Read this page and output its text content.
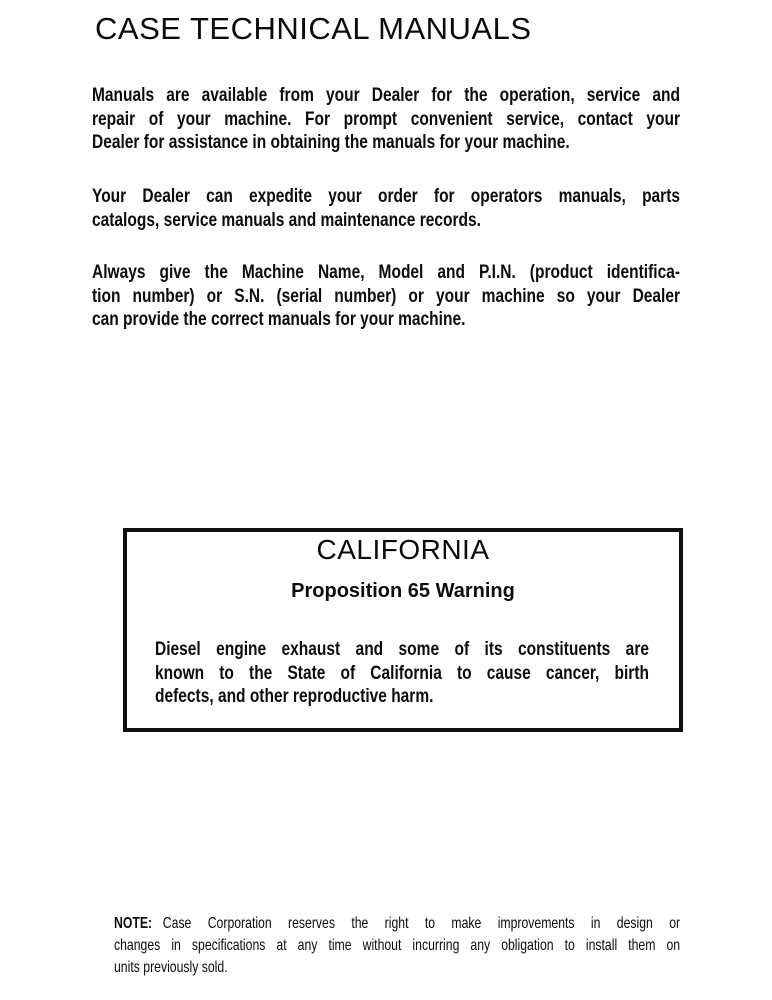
CASE TECHNICAL MANUALS
Manuals are available from your Dealer for the operation, service and
repair of your machine. For prompt convenient service, contact your
Dealer for assistance in obtaining the manuals for your machine.
Your Dealer can expedite your order for operators manuals, parts
catalogs, service manuals and maintenance records.
Always give the Machine Name, Model and P.I.N. (product identifica-
tion number) or S.N. (serial number) or your machine so your Dealer
can provide the correct manuals for your machine.
CALIFORNIA
Proposition 65 Warning
Diesel engine exhaust and some of its constituents are
known to the State of California to cause cancer, birth
defects, and other reproductive harm.
NOTE: Case Corporation reserves the right to make improvements in design or
changes in specifications at any time without incurring any obligation to install them on
units previously sold.
